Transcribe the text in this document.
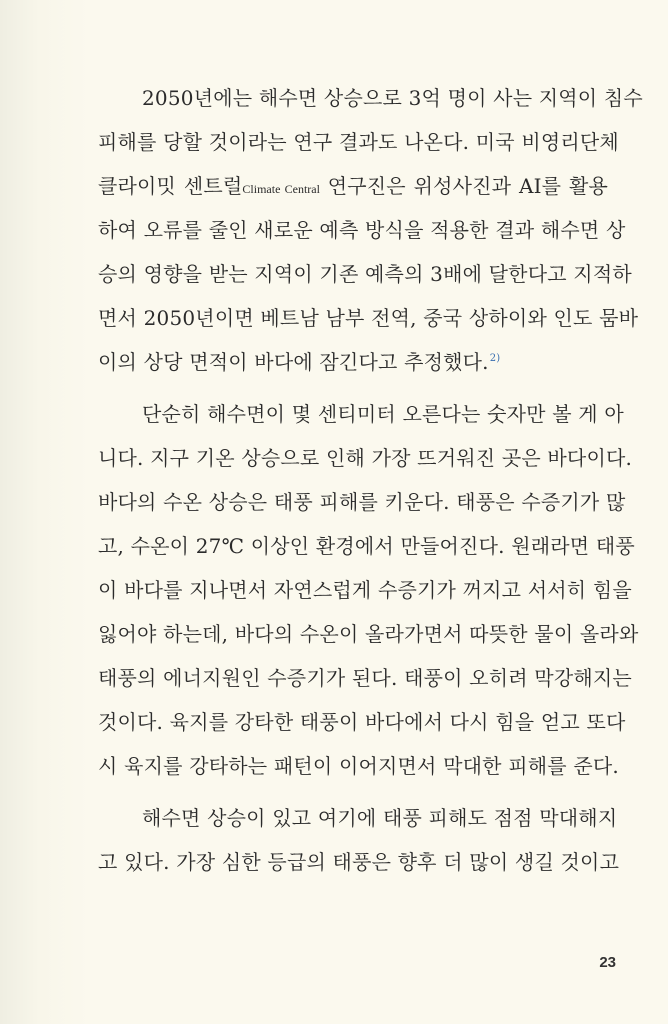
2050년에는 해수면 상승으로 3억 명이 사는 지역이 침수
피해를 당할 것이라는 연구 결과도 나온다. 미국 비영리단체
클라이밋 센트럴Climate Central 연구진은 위성사진과 AI를 활용
하여 오류를 줄인 새로운 예측 방식을 적용한 결과 해수면 상
승의 영향을 받는 지역이 기존 예측의 3배에 달한다고 지적하
면서 2050년이면 베트남 남부 전역, 중국 상하이와 인도 뭄바
이의 상당 면적이 바다에 잠긴다고 추정했다.$^{2)}$

단순히 해수면이 몇 센티미터 오른다는 숫자만 볼 게 아
니다. 지구 기온 상승으로 인해 가장 뜨거워진 곳은 바다이다.
바다의 수온 상승은 태풍 피해를 키운다. 태풍은 수증기가 많
고, 수온이 27℃ 이상인 환경에서 만들어진다. 원래라면 태풍
이 바다를 지나면서 자연스럽게 수증기가 꺼지고 서서히 힘을
잃어야 하는데, 바다의 수온이 올라가면서 따뜻한 물이 올라와
태풍의 에너지원인 수증기가 된다. 태풍이 오히려 막강해지는
것이다. 육지를 강타한 태풍이 바다에서 다시 힘을 얻고 또다
시 육지를 강타하는 패턴이 이어지면서 막대한 피해를 준다.

해수면 상승이 있고 여기에 태풍 피해도 점점 막대해지
고 있다. 가장 심한 등급의 태풍은 향후 더 많이 생길 것이고

23
